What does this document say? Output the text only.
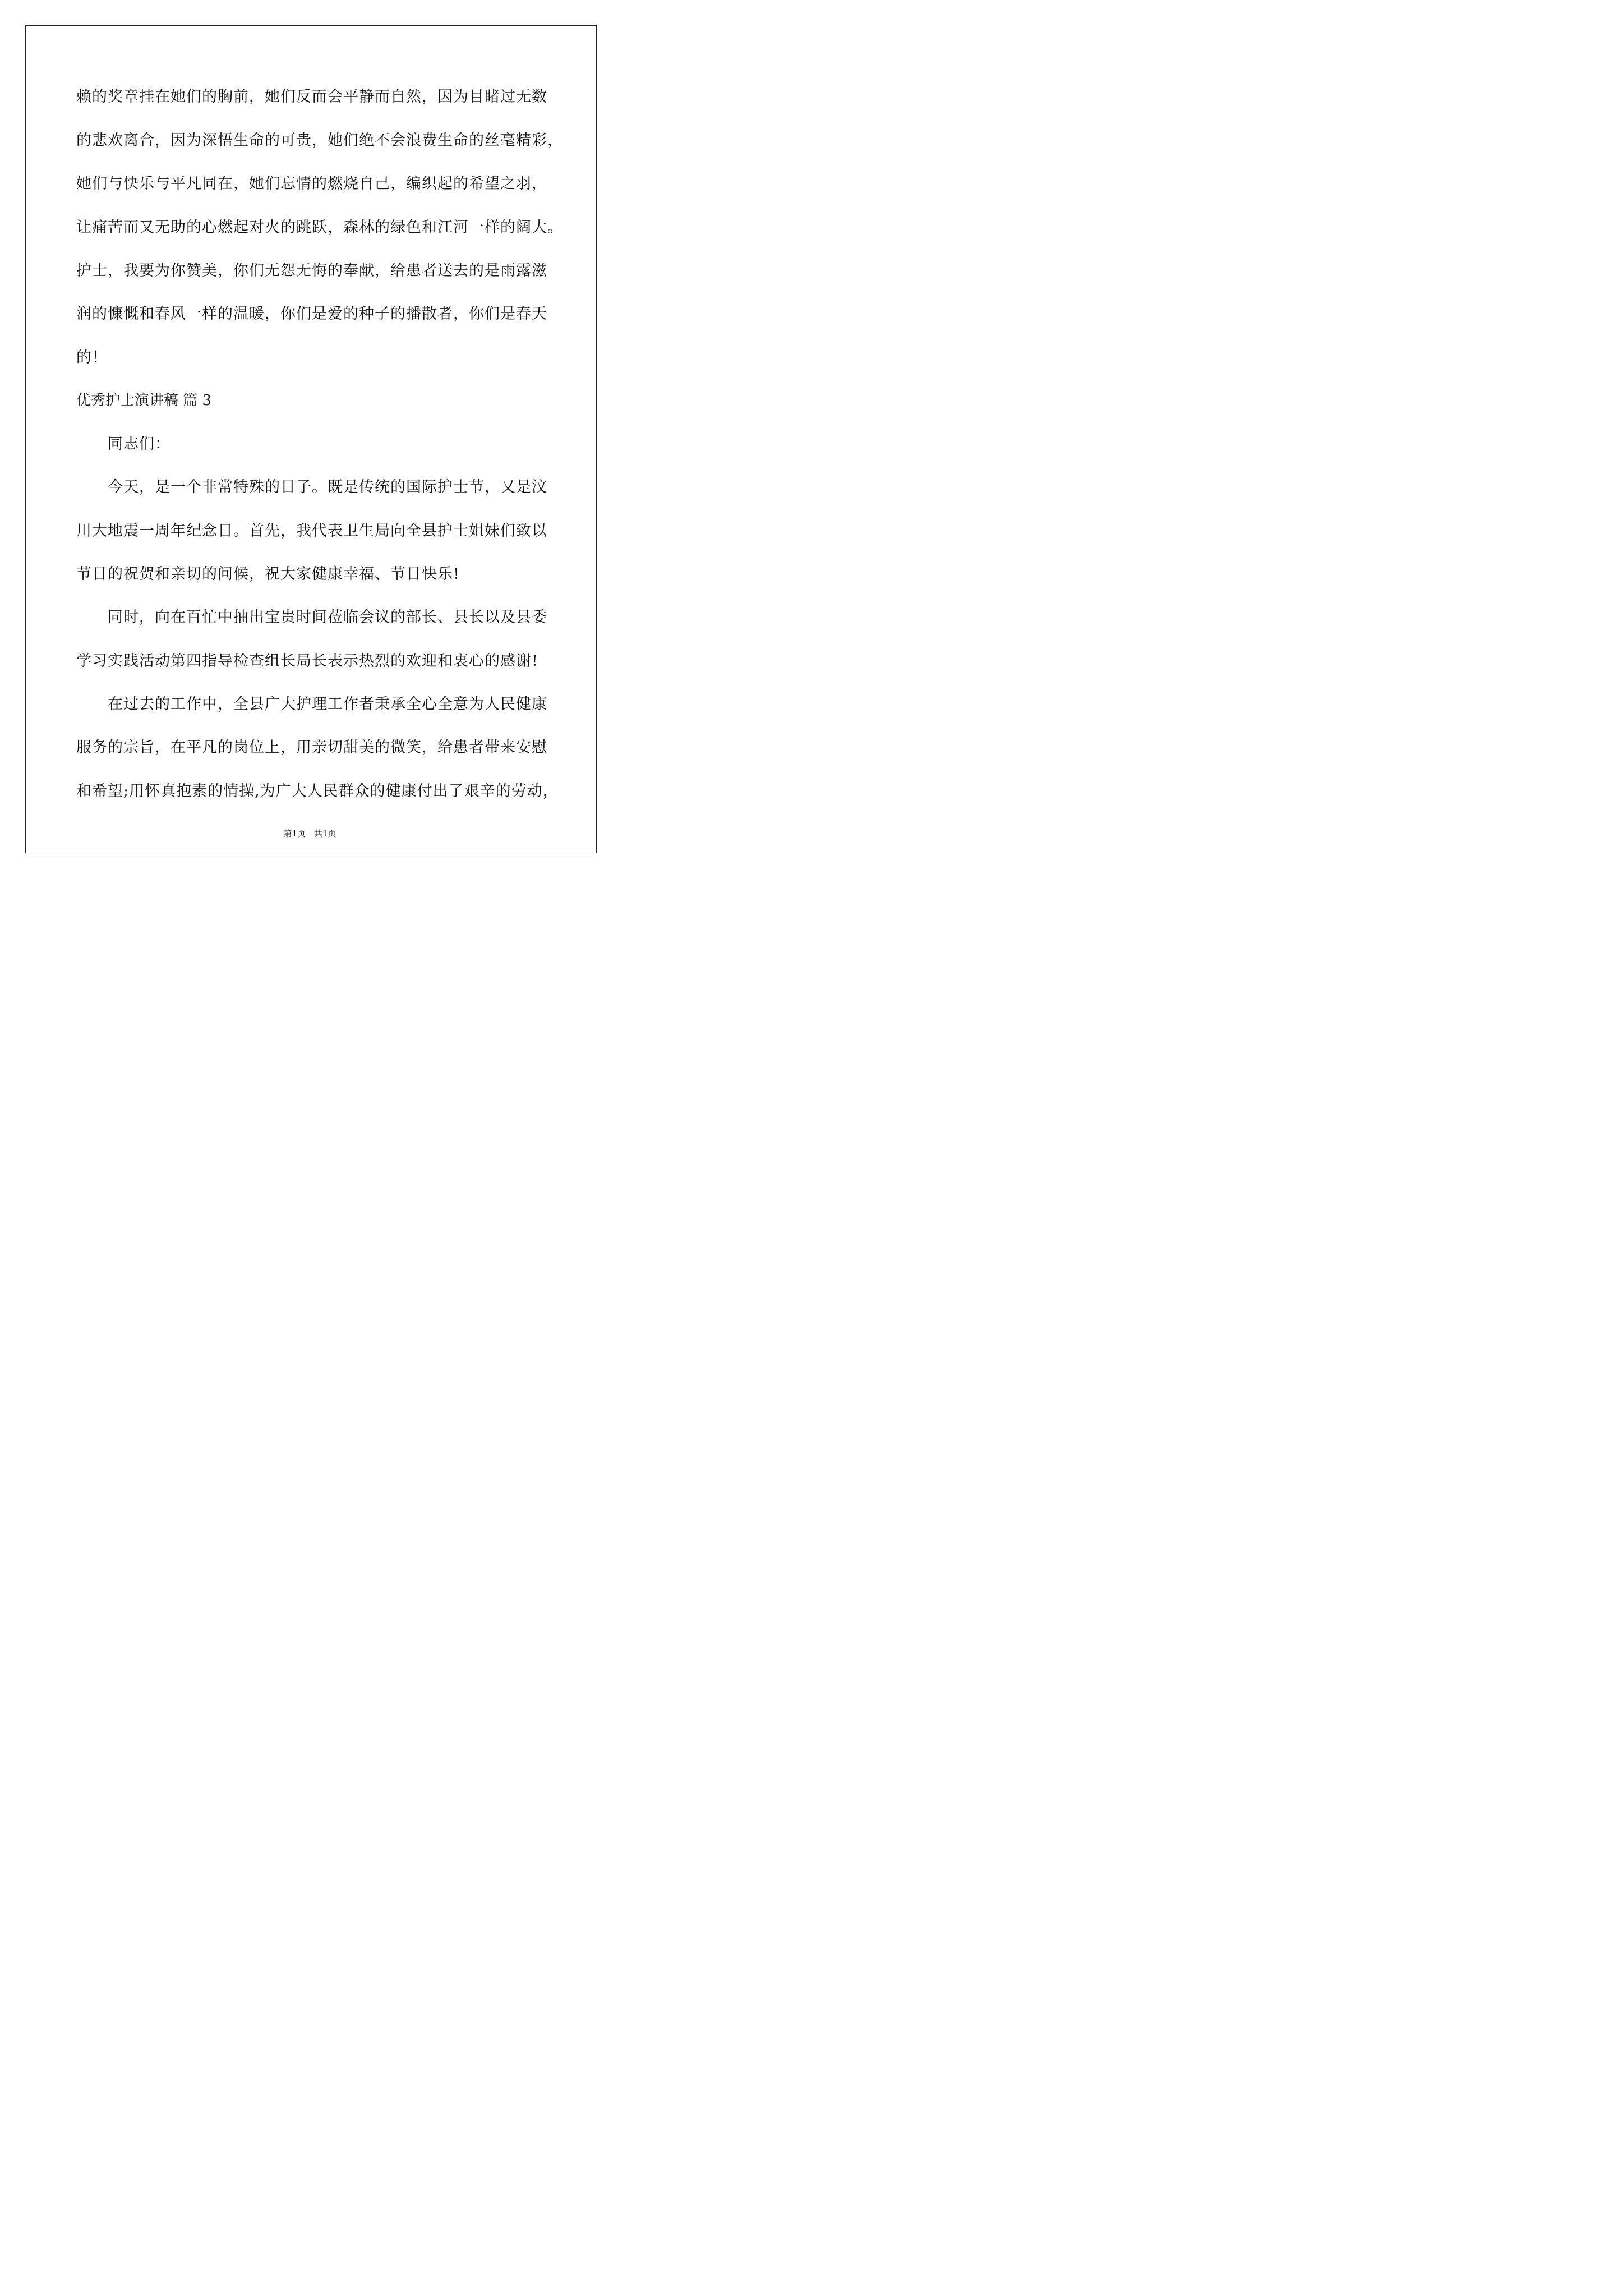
赖的奖章挂在她们的胸前，她们反而会平静而自然，因为目睹过无数
的悲欢离合，因为深悟生命的可贵，她们绝不会浪费生命的丝毫精彩，
她们与快乐与平凡同在，她们忘情的燃烧自己，编织起的希望之羽，
让痛苦而又无助的心燃起对火的跳跃，森林的绿色和江河一样的阔大。
护士，我要为你赞美，你们无怨无悔的奉献，给患者送去的是雨露滋
润的慷慨和春风一样的温暖，你们是爱的种子的播散者，你们是春天
的！
优秀护士演讲稿 篇 3
同志们：
今天，是一个非常特殊的日子。既是传统的国际护士节，又是汶
川大地震一周年纪念日。首先，我代表卫生局向全县护士姐妹们致以
节日的祝贺和亲切的问候，祝大家健康幸福、节日快乐!
同时，向在百忙中抽出宝贵时间莅临会议的部长、县长以及县委
学习实践活动第四指导检查组长局长表示热烈的欢迎和衷心的感谢!
在过去的工作中，全县广大护理工作者秉承全心全意为人民健康
服务的宗旨，在平凡的岗位上，用亲切甜美的微笑，给患者带来安慰
和希望;用怀真抱素的情操,为广大人民群众的健康付出了艰辛的劳动，
第1页　共1页
